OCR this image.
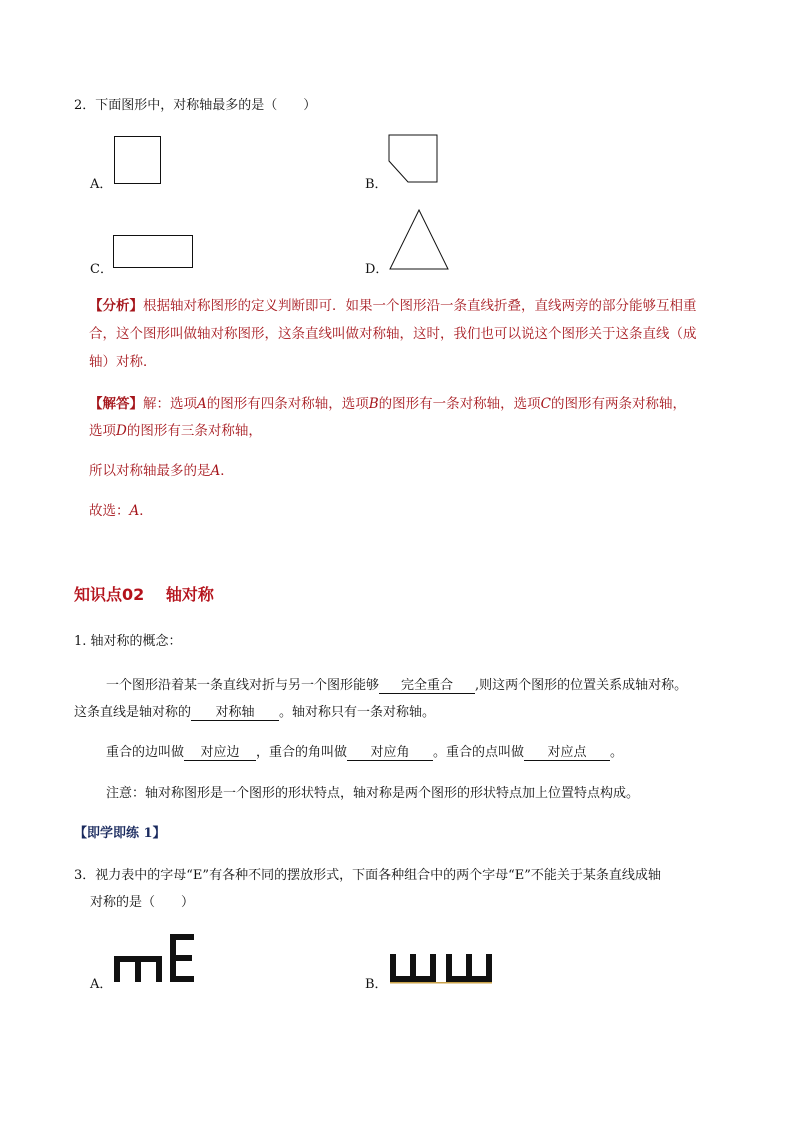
2．下面图形中，对称轴最多的是（　　）
A．	B．
C．	D．
【分析】根据轴对称图形的定义判断即可．如果一个图形沿一条直线折叠，直线两旁的部分能够互相重
合，这个图形叫做轴对称图形，这条直线叫做对称轴，这时，我们也可以说这个图形关于这条直线（成
轴）对称．
【解答】解：选项A的图形有四条对称轴，选项B的图形有一条对称轴，选项C的图形有两条对称轴，
选项D的图形有三条对称轴，
所以对称轴最多的是A．
故选：A．
知识点02　 轴对称
1. 轴对称的概念：
一个图形沿着某一条直线对折与另一个图形能够 完全重合 ,则这两个图形的位置关系成轴对称。
这条直线是轴对称的 对称轴 。轴对称只有一条对称轴。
重合的边叫做 对应边 ，重合的角叫做 对应角 。重合的点叫做 对应点 。
注意：轴对称图形是一个图形的形状特点，轴对称是两个图形的形状特点加上位置特点构成。
【即学即练 1】
3．视力表中的字母“E”有各种不同的摆放形式，下面各种组合中的两个字母“E”不能关于某条直线成轴
对称的是（　　）
A．	B．
